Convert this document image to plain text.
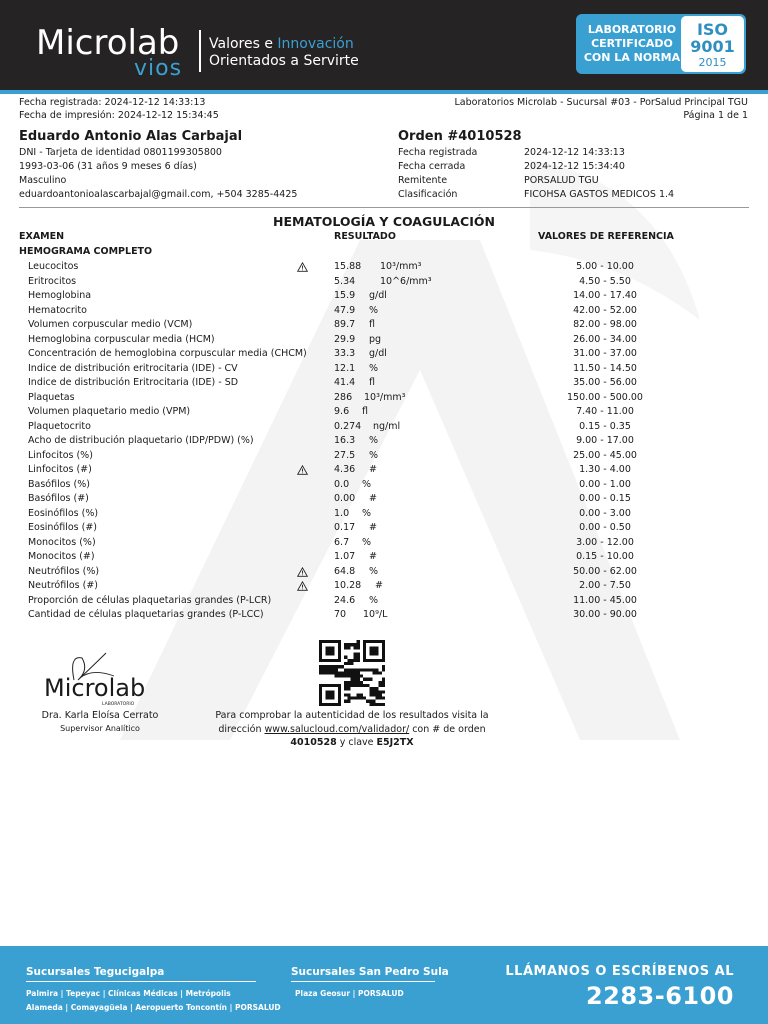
Microlab
vios
Valores e Innovación
Orientados a Servirte
LABORATORIO
CERTIFICADO
CON LA NORMA
ISO
9001
2015
Fecha registrada: 2024-12-12 14:33:13
Fecha de impresión: 2024-12-12 15:34:45
Laboratorios Microlab - Sucursal #03 - PorSalud Principal TGU
Página 1 de 1
Eduardo Antonio Alas Carbajal
DNI - Tarjeta de identidad 0801199305800
1993-03-06 (31 años 9 meses 6 días)
Masculino
eduardoantonioalascarbajal@gmail.com, +504 3285-4425
Orden #4010528
Fecha registrada	2024-12-12 14:33:13
Fecha cerrada	2024-12-12 15:34:40
Remitente	PORSALUD TGU
Clasificación	FICOHSA GASTOS MEDICOS 1.4
HEMATOLOGÍA Y COAGULACIÓN
EXAMEN	RESULTADO	VALORES DE REFERENCIA
HEMOGRAMA COMPLETO
Leucocitos	15.88 10³/mm³	5.00 - 10.00
Eritrocitos	5.34	10^6/mm³	4.50 - 5.50
Hemoglobina	15.9 g/dl	14.00 - 17.40
Hematocrito	47.9 %	42.00 - 52.00
Volumen corpuscular medio (VCM)	89.7 fl	82.00 - 98.00
Hemoglobina corpuscular media (HCM)	29.9 pg	26.00 - 34.00
Concentración de hemoglobina corpuscular media (CHCM)	33.3 g/dl	31.00 - 37.00
Indice de distribución eritrocitaria (IDE) - CV	12.1 %	11.50 - 14.50
Indice de distribución Eritrocitaria (IDE) - SD	41.4 fl	35.00 - 56.00
Plaquetas	286 10³/mm³	150.00 - 500.00
Volumen plaquetario medio (VPM)	9.6 fl	7.40 - 11.00
Plaquetocrito	0.274 ng/ml	0.15 - 0.35
Acho de distribución plaquetario (IDP/PDW) (%)	16.3 %	9.00 - 17.00
Linfocitos (%)	27.5 %	25.00 - 45.00
Linfocitos (#)	4.36 #	1.30 - 4.00
Basófilos (%)	0.0 %	0.00 - 1.00
Basófilos (#)	0.00 #	0.00 - 0.15
Eosinófilos (%)	1.0 %	0.00 - 3.00
Eosinófilos (#)	0.17 #	0.00 - 0.50
Monocitos (%)	6.7 %	3.00 - 12.00
Monocitos (#)	1.07 #	0.15 - 10.00
Neutrófilos (%)	64.8 %	50.00 - 62.00
Neutrófilos (#)	10.28 #	2.00 - 7.50
Proporción de células plaquetarias grandes (P-LCR)	24.6 %	11.00 - 45.00
Cantidad de células plaquetarias grandes (P-LCC)	70 10⁹/L	30.00 - 90.00
Microlab
LABORATORIO
Dra. Karla Eloísa Cerrato
Supervisor Analítico
Para comprobar la autenticidad de los resultados visita la dirección www.salucloud.com/validador/ con # de orden 4010528 y clave E5J2TX
Sucursales Tegucigalpa
Palmira | Tepeyac | Clínicas Médicas | Metrópolis
Alameda | Comayagüela | Aeropuerto Toncontín | PORSALUD
Sucursales San Pedro Sula
Plaza Geosur | PORSALUD
LLÁMANOS O ESCRÍBENOS AL
2283-6100
